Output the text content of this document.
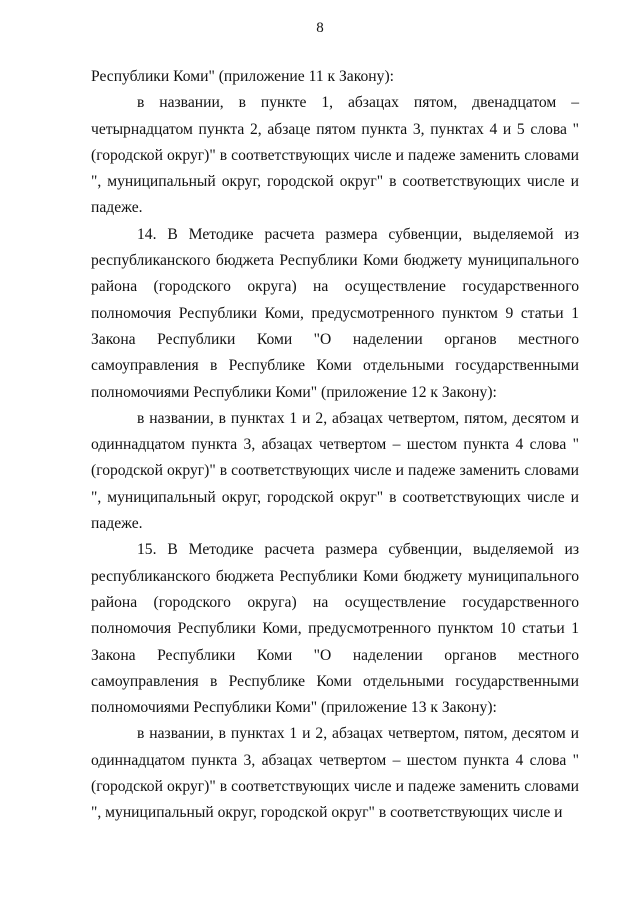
8

Республики Коми" (приложение 11 к Закону):

в названии, в пункте 1, абзацах пятом, двенадцатом – четырнадцатом пункта 2, абзаце пятом пункта 3, пунктах 4 и 5 слова "(городской округ)" в соответствующих числе и падеже заменить словами ", муниципальный округ, городской округ" в соответствующих числе и падеже.

14. В Методике расчета размера субвенции, выделяемой из республиканского бюджета Республики Коми бюджету муниципального района (городского округа) на осуществление государственного полномочия Республики Коми, предусмотренного пунктом 9 статьи 1 Закона Республики Коми "О наделении органов местного самоуправления в Республике Коми отдельными государственными полномочиями Республики Коми" (приложение 12 к Закону):

в названии, в пунктах 1 и 2, абзацах четвертом, пятом, десятом и одиннадцатом пункта 3, абзацах четвертом – шестом пункта 4 слова "(городской округ)" в соответствующих числе и падеже заменить словами ", муниципальный округ, городской округ" в соответствующих числе и падеже.

15. В Методике расчета размера субвенции, выделяемой из республиканского бюджета Республики Коми бюджету муниципального района (городского округа) на осуществление государственного полномочия Республики Коми, предусмотренного пунктом 10 статьи 1 Закона Республики Коми "О наделении органов местного самоуправления в Республике Коми отдельными государственными полномочиями Республики Коми" (приложение 13 к Закону):

в названии, в пунктах 1 и 2, абзацах четвертом, пятом, десятом и одиннадцатом пункта 3, абзацах четвертом – шестом пункта 4 слова "(городской округ)" в соответствующих числе и падеже заменить словами ", муниципальный округ, городской округ" в соответствующих числе и
